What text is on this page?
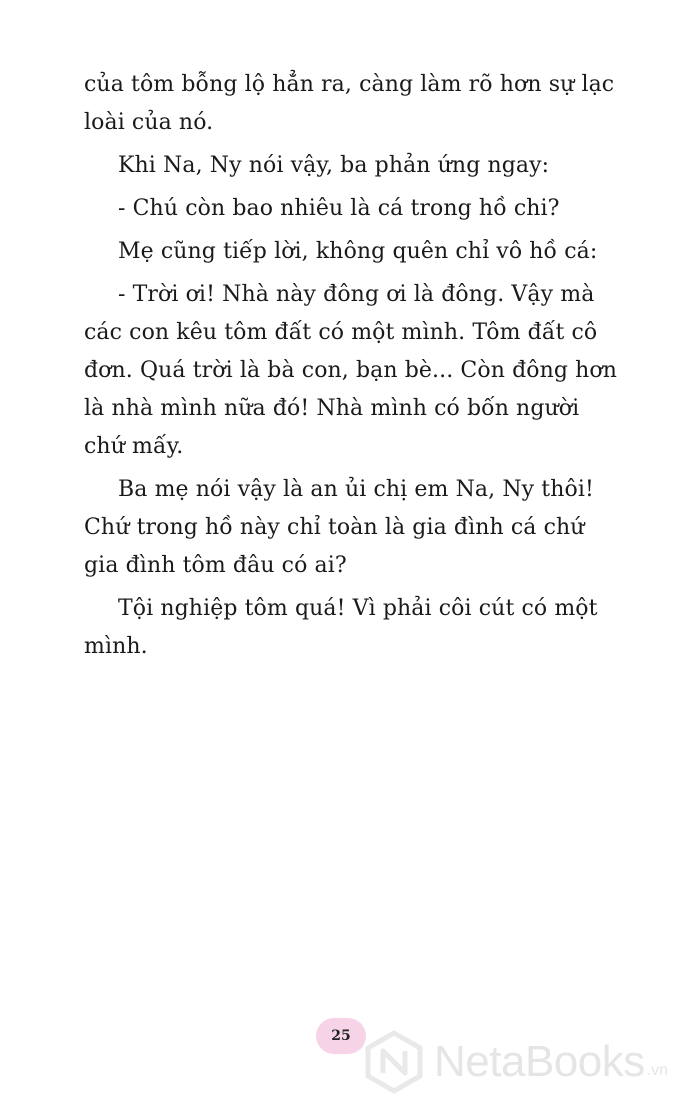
của tôm bỗng lộ hẳn ra, càng làm rõ hơn sự lạc loài của nó.

Khi Na, Ny nói vậy, ba phản ứng ngay:

- Chú còn bao nhiêu là cá trong hồ chi?

Mẹ cũng tiếp lời, không quên chỉ vô hồ cá:

- Trời ơi! Nhà này đông ơi là đông. Vậy mà các con kêu tôm đất có một mình. Tôm đất cô đơn. Quá trời là bà con, bạn bè... Còn đông hơn là nhà mình nữa đó! Nhà mình có bốn người chứ mấy.

Ba mẹ nói vậy là an ủi chị em Na, Ny thôi! Chứ trong hồ này chỉ toàn là gia đình cá chứ gia đình tôm đâu có ai?

Tội nghiệp tôm quá! Vì phải côi cút có một mình.

25
NetaBooks .vn
